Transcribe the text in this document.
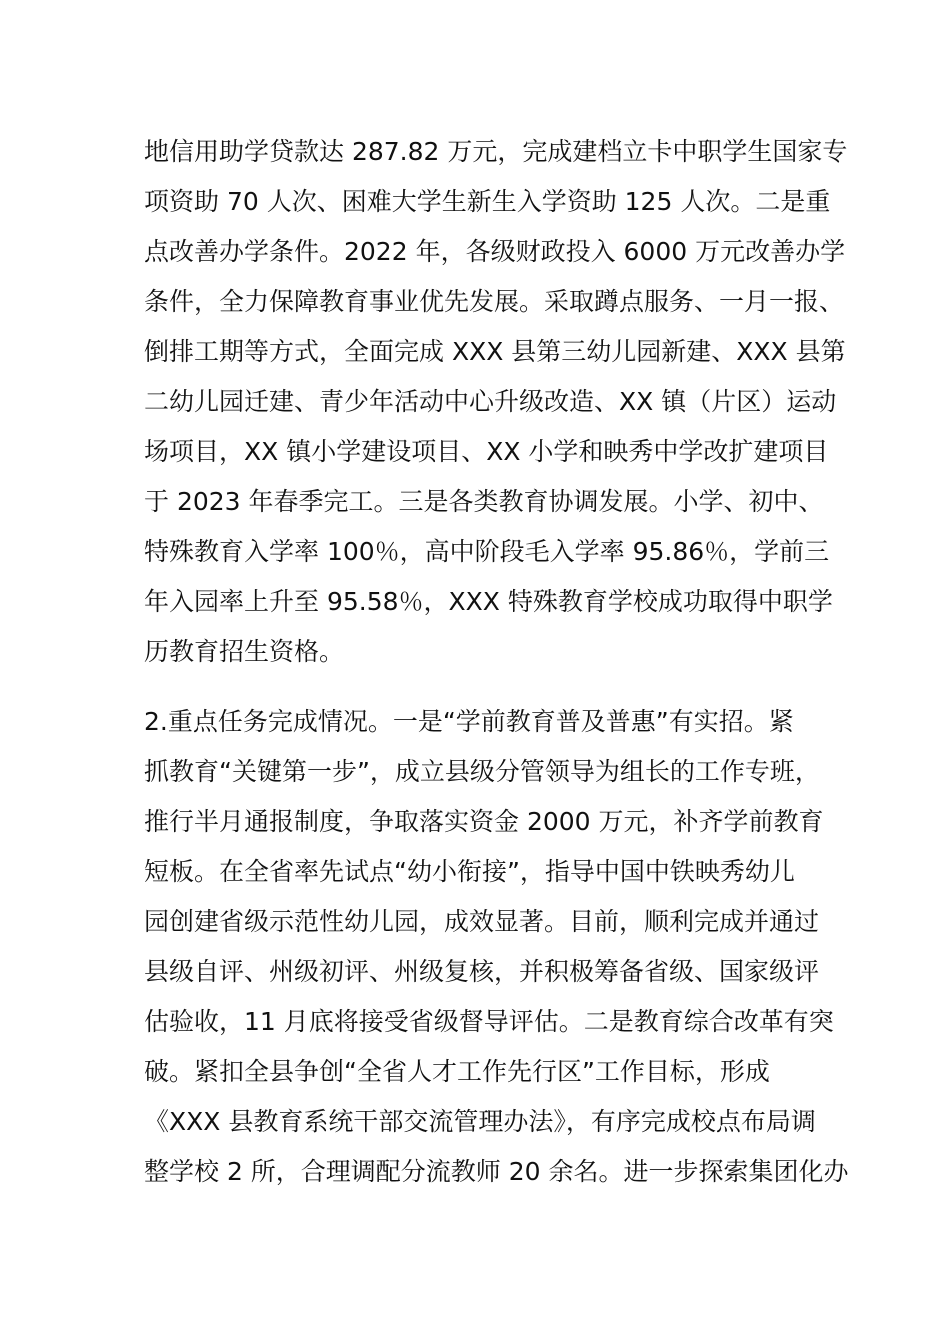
地信用助学贷款达 287.82 万元，完成建档立卡中职学生国家专
项资助 70 人次、困难大学生新生入学资助 125 人次。二是重
点改善办学条件。2022 年，各级财政投入 6000 万元改善办学
条件，全力保障教育事业优先发展。采取蹲点服务、一月一报、
倒排工期等方式，全面完成 XXX 县第三幼儿园新建、XXX 县第
二幼儿园迁建、青少年活动中心升级改造、XX 镇（片区）运动
场项目，XX 镇小学建设项目、XX 小学和映秀中学改扩建项目
于 2023 年春季完工。三是各类教育协调发展。小学、初中、
特殊教育入学率 100％，高中阶段毛入学率 95.86％，学前三
年入园率上升至 95.58％，XXX 特殊教育学校成功取得中职学
历教育招生资格。
2.重点任务完成情况。一是“学前教育普及普惠”有实招。紧
抓教育“关键第一步”，成立县级分管领导为组长的工作专班，
推行半月通报制度，争取落实资金 2000 万元，补齐学前教育
短板。在全省率先试点“幼小衔接”，指导中国中铁映秀幼儿
园创建省级示范性幼儿园，成效显著。目前，顺利完成并通过
县级自评、州级初评、州级复核，并积极筹备省级、国家级评
估验收，11 月底将接受省级督导评估。二是教育综合改革有突
破。紧扣全县争创“全省人才工作先行区”工作目标，形成
《XXX 县教育系统干部交流管理办法》，有序完成校点布局调
整学校 2 所，合理调配分流教师 20 余名。进一步探索集团化办
